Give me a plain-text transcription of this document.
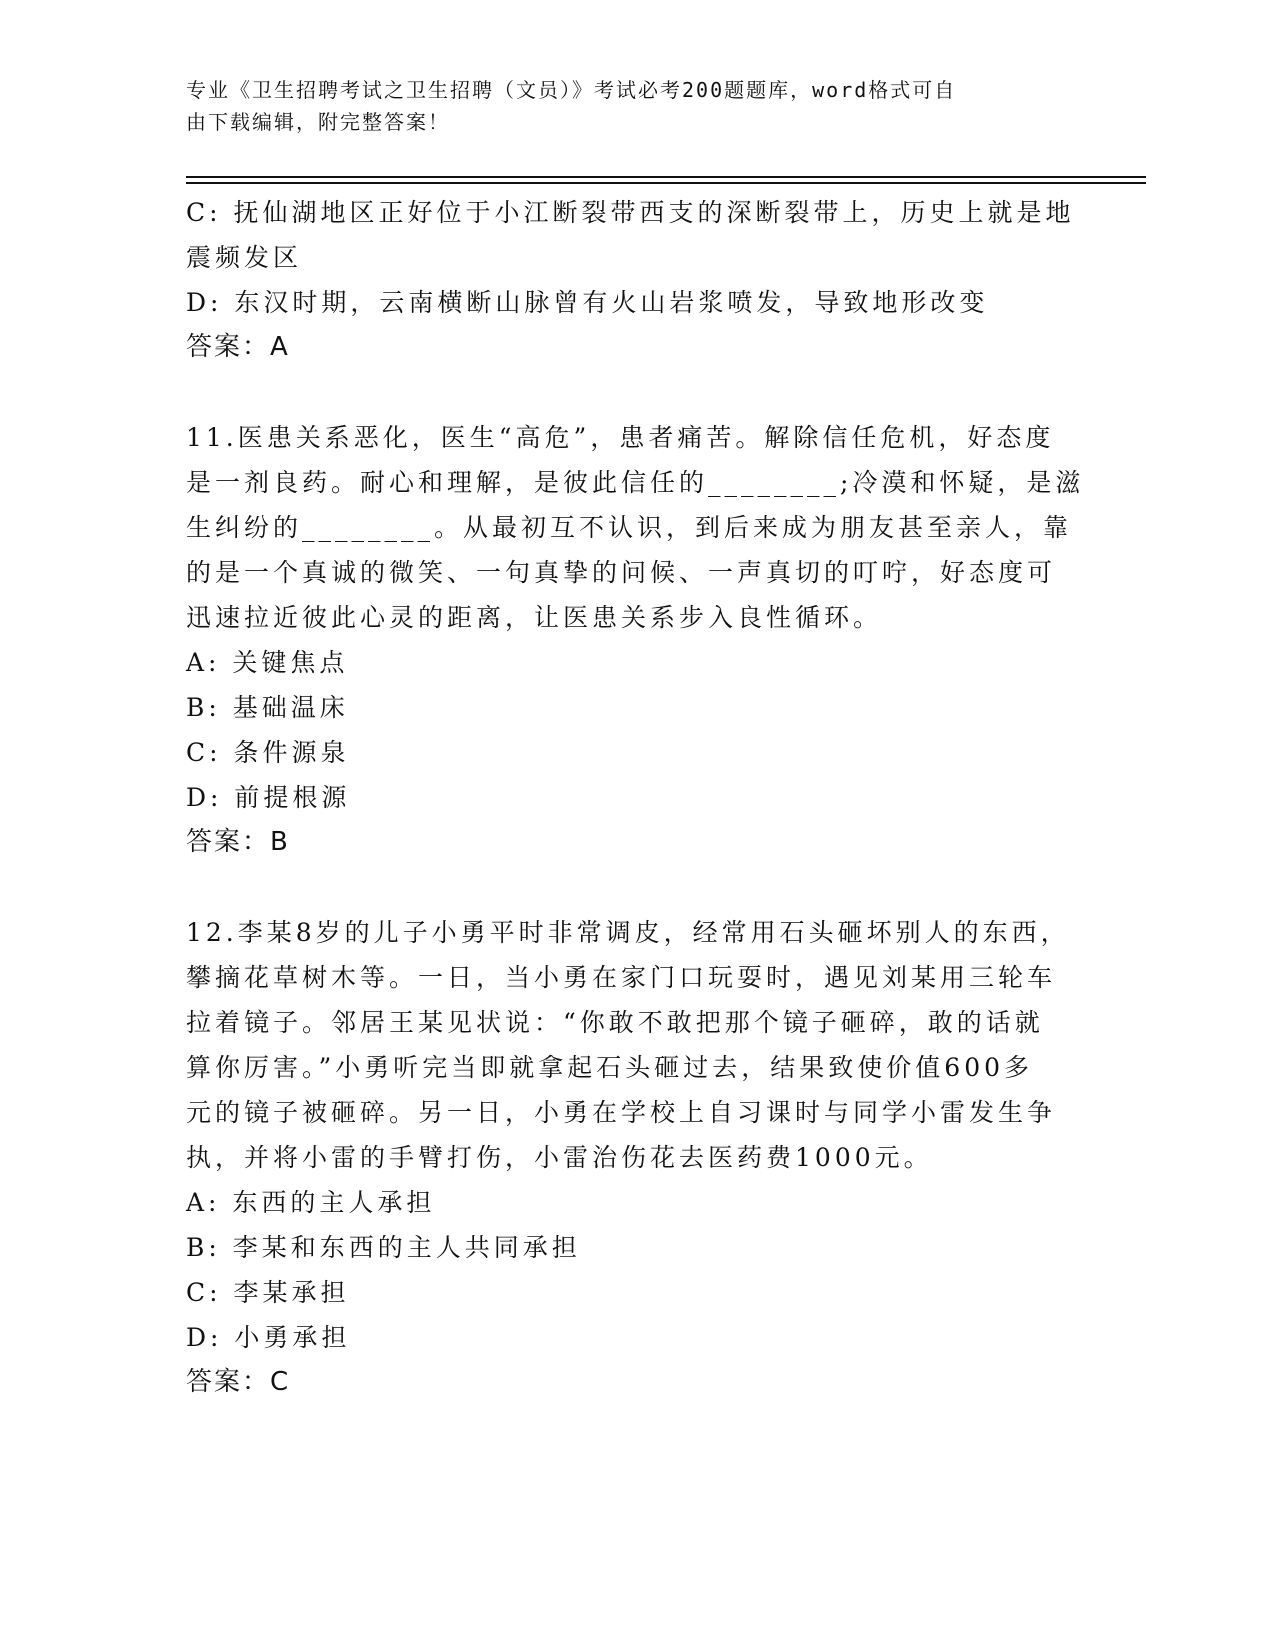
专业《卫生招聘考试之卫生招聘（文员）》考试必考200题题库，word格式可自
由下载编辑，附完整答案！
C: 抚仙湖地区正好位于小江断裂带西支的深断裂带上，历史上就是地
震频发区
D: 东汉时期，云南横断山脉曾有火山岩浆喷发，导致地形改变
答案：A
11.医患关系恶化，医生“高危”，患者痛苦。解除信任危机，好态度
是一剂良药。耐心和理解，是彼此信任的________;冷漠和怀疑，是滋
生纠纷的________。从最初互不认识，到后来成为朋友甚至亲人，靠
的是一个真诚的微笑、一句真挚的问候、一声真切的叮咛，好态度可
迅速拉近彼此心灵的距离，让医患关系步入良性循环。
A: 关键焦点
B: 基础温床
C: 条件源泉
D: 前提根源
答案：B
12.李某8岁的儿子小勇平时非常调皮，经常用石头砸坏别人的东西，
攀摘花草树木等。一日，当小勇在家门口玩耍时，遇见刘某用三轮车
拉着镜子。邻居王某见状说：“你敢不敢把那个镜子砸碎，敢的话就
算你厉害。”小勇听完当即就拿起石头砸过去，结果致使价值600多
元的镜子被砸碎。另一日，小勇在学校上自习课时与同学小雷发生争
执，并将小雷的手臂打伤，小雷治伤花去医药费1000元。
A: 东西的主人承担
B: 李某和东西的主人共同承担
C: 李某承担
D: 小勇承担
答案：C
